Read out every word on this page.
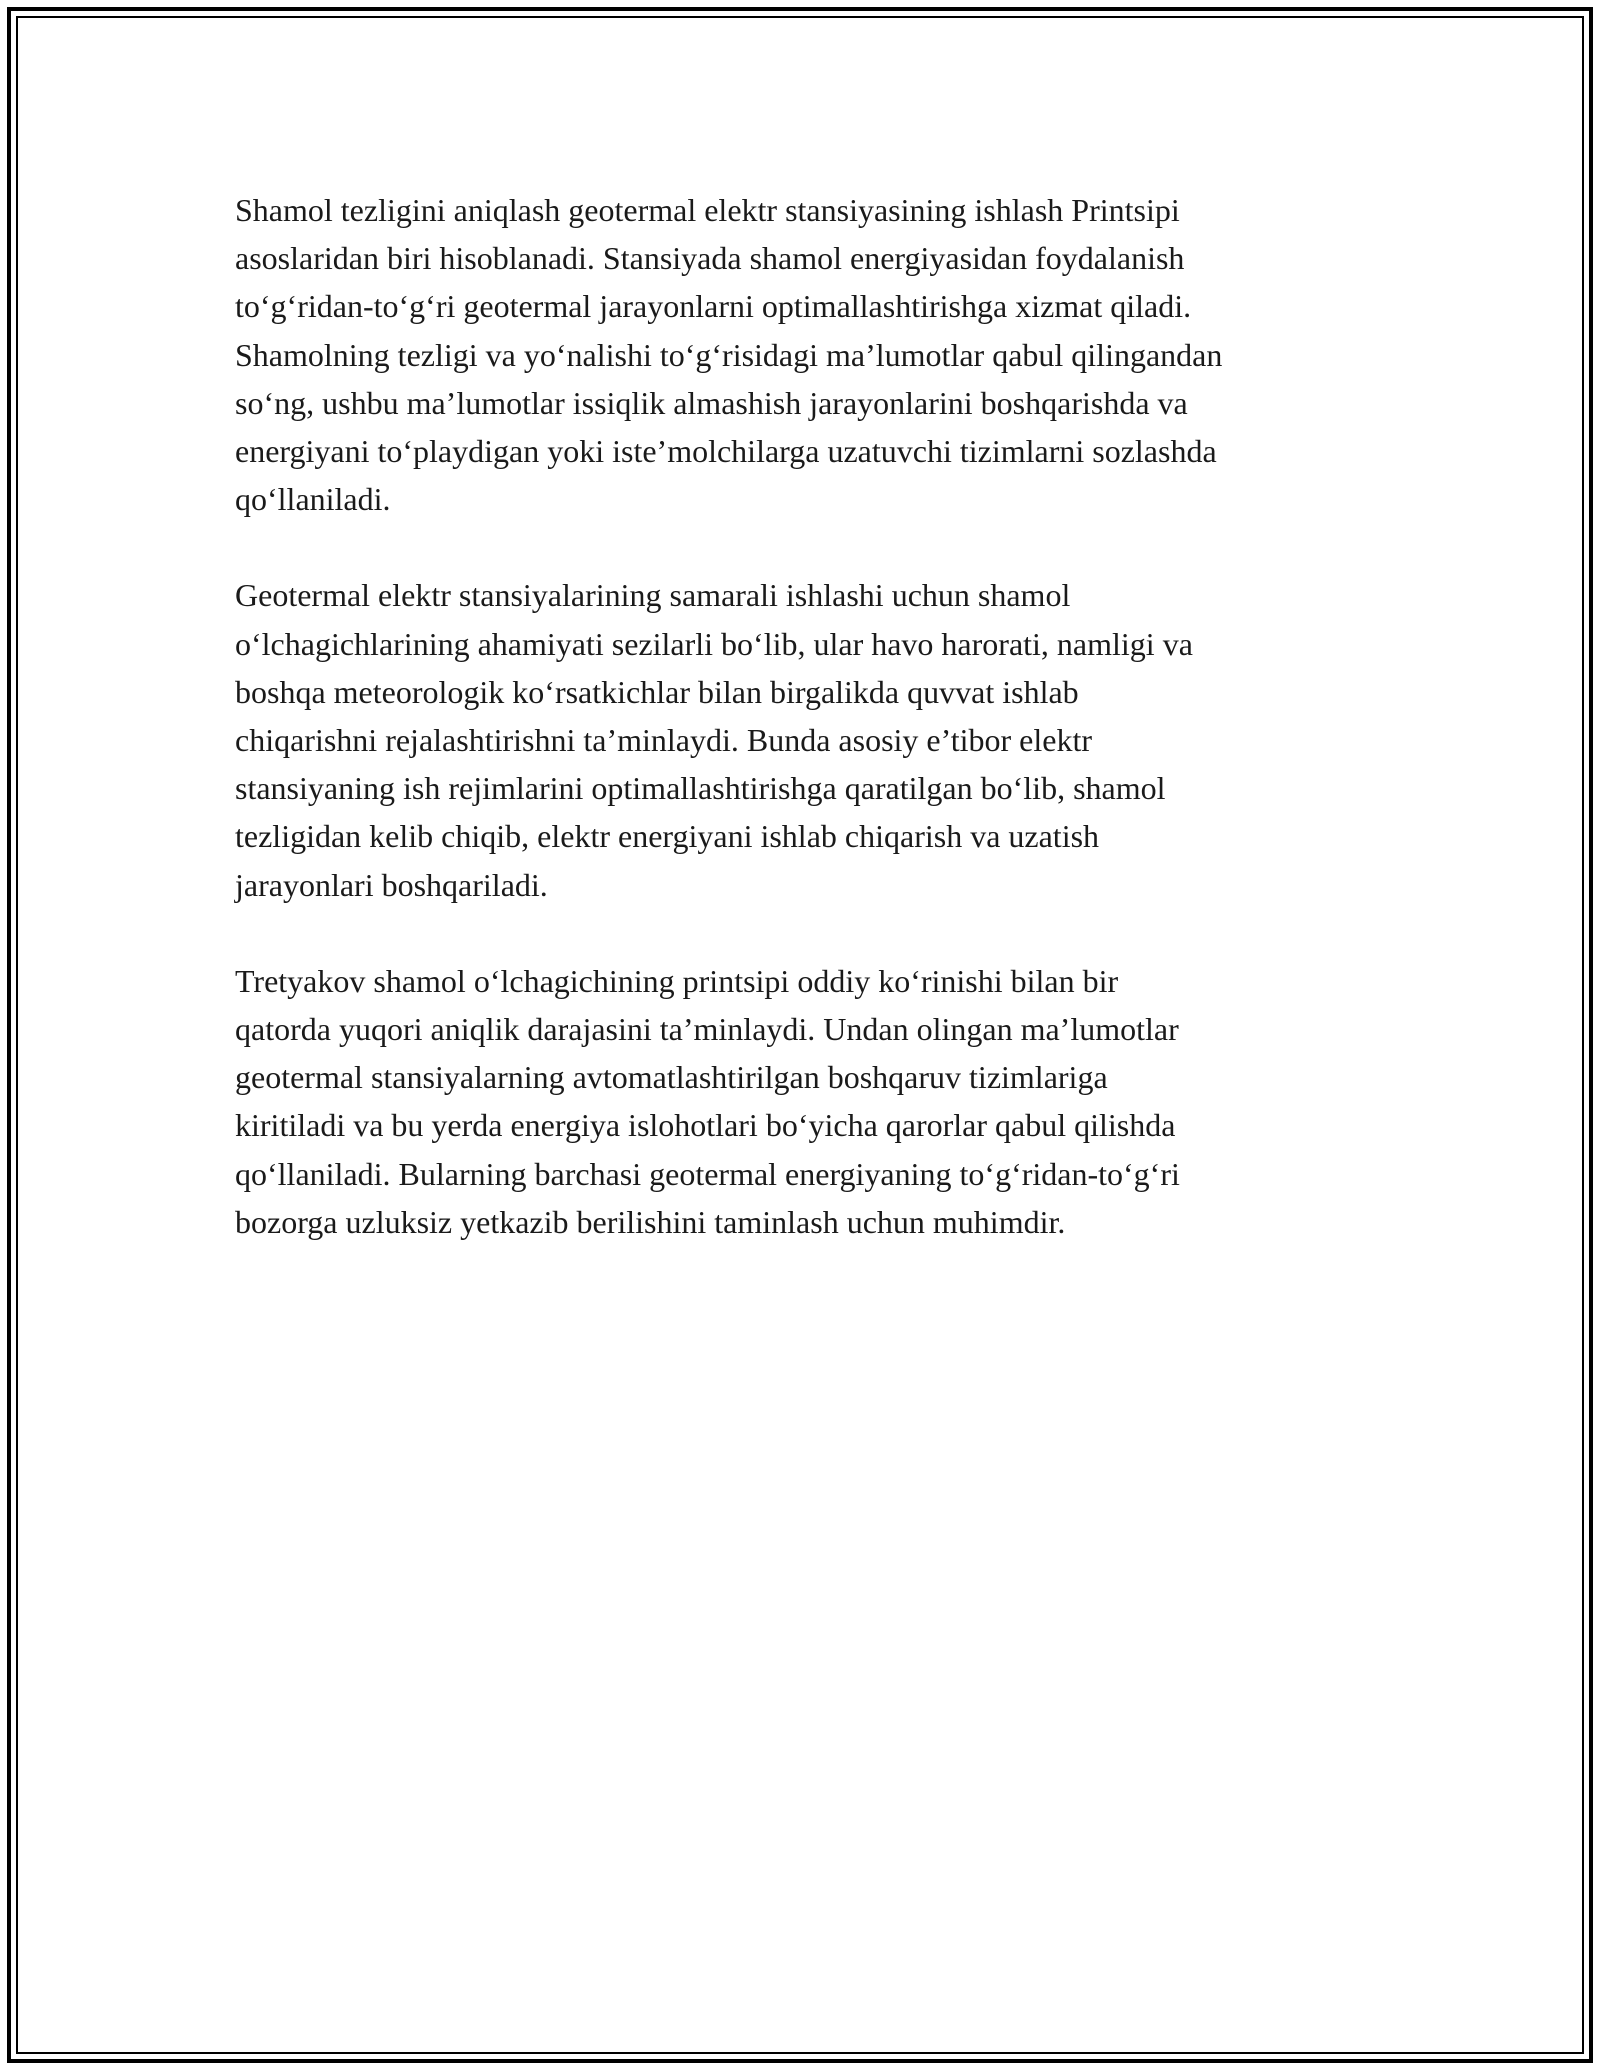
Shamol tezligini aniqlash geotermal elektr stansiyasining ishlash Printsipi
asoslaridan biri hisoblanadi. Stansiyada shamol energiyasidan foydalanish
to‘g‘ridan-to‘g‘ri geotermal jarayonlarni optimallashtirishga xizmat qiladi.
Shamolning tezligi va yo‘nalishi to‘g‘risidagi ma’lumotlar qabul qilingandan
so‘ng, ushbu ma’lumotlar issiqlik almashish jarayonlarini boshqarishda va
energiyani to‘playdigan yoki iste’molchilarga uzatuvchi tizimlarni sozlashda
qo‘llaniladi.

Geotermal elektr stansiyalarining samarali ishlashi uchun shamol
o‘lchagichlarining ahamiyati sezilarli bo‘lib, ular havo harorati, namligi va
boshqa meteorologik ko‘rsatkichlar bilan birgalikda quvvat ishlab
chiqarishni rejalashtirishni ta’minlaydi. Bunda asosiy e’tibor elektr
stansiyaning ish rejimlarini optimallashtirishga qaratilgan bo‘lib, shamol
tezligidan kelib chiqib, elektr energiyani ishlab chiqarish va uzatish
jarayonlari boshqariladi.

Tretyakov shamol o‘lchagichining printsipi oddiy ko‘rinishi bilan bir
qatorda yuqori aniqlik darajasini ta’minlaydi. Undan olingan ma’lumotlar
geotermal stansiyalarning avtomatlashtirilgan boshqaruv tizimlariga
kiritiladi va bu yerda energiya islohotlari bo‘yicha qarorlar qabul qilishda
qo‘llaniladi. Bularning barchasi geotermal energiyaning to‘g‘ridan-to‘g‘ri
bozorga uzluksiz yetkazib berilishini taminlash uchun muhimdir.
